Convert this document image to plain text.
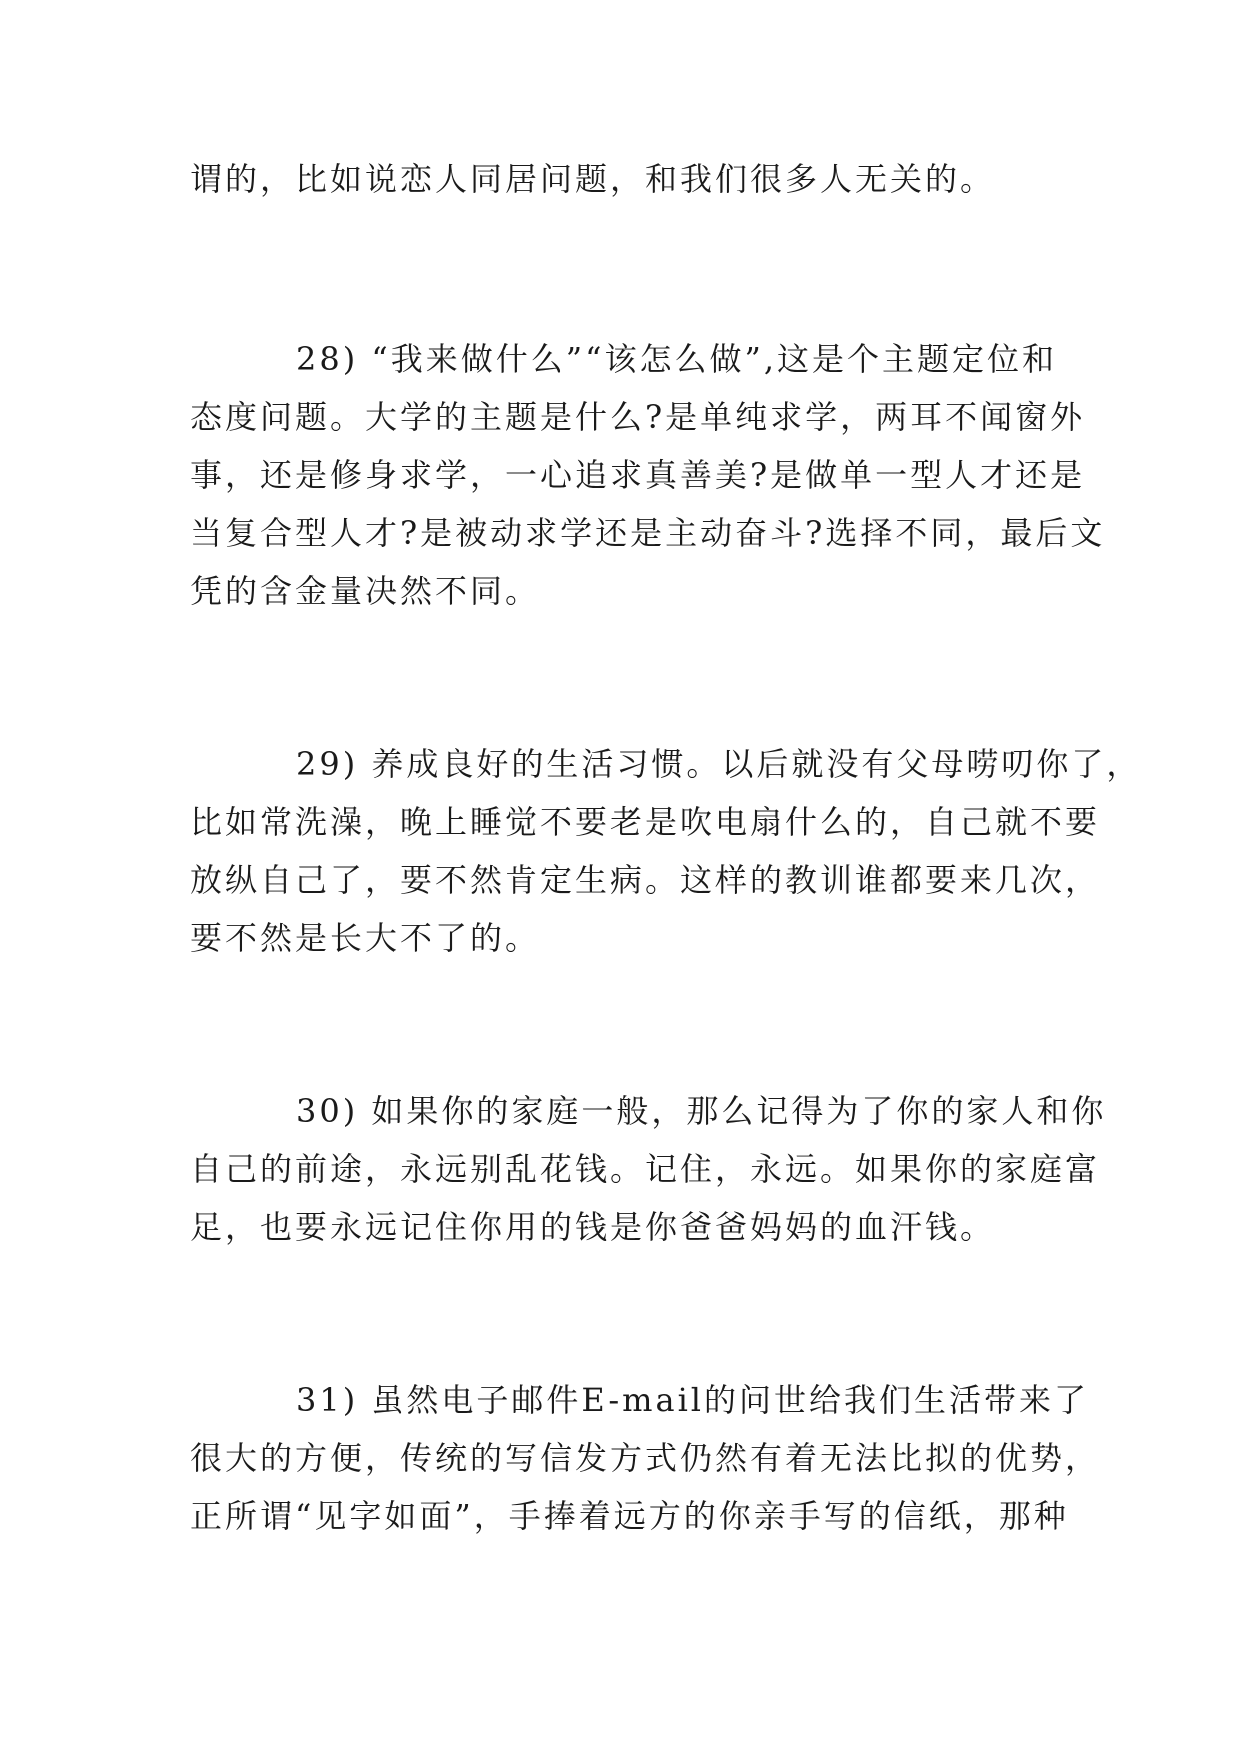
谓的，比如说恋人同居问题，和我们很多人无关的。

28) “我来做什么”“该怎么做”,这是个主题定位和
态度问题。大学的主题是什么?是单纯求学，两耳不闻窗外
事，还是修身求学，一心追求真善美?是做单一型人才还是
当复合型人才?是被动求学还是主动奋斗?选择不同，最后文
凭的含金量决然不同。

29) 养成良好的生活习惯。以后就没有父母唠叨你了，
比如常洗澡，晚上睡觉不要老是吹电扇什么的，自己就不要
放纵自己了，要不然肯定生病。这样的教训谁都要来几次，
要不然是长大不了的。

30) 如果你的家庭一般，那么记得为了你的家人和你
自己的前途，永远别乱花钱。记住，永远。如果你的家庭富
足，也要永远记住你用的钱是你爸爸妈妈的血汗钱。

31) 虽然电子邮件E-mail的问世给我们生活带来了
很大的方便，传统的写信发方式仍然有着无法比拟的优势，
正所谓“见字如面”，手捧着远方的你亲手写的信纸，那种
